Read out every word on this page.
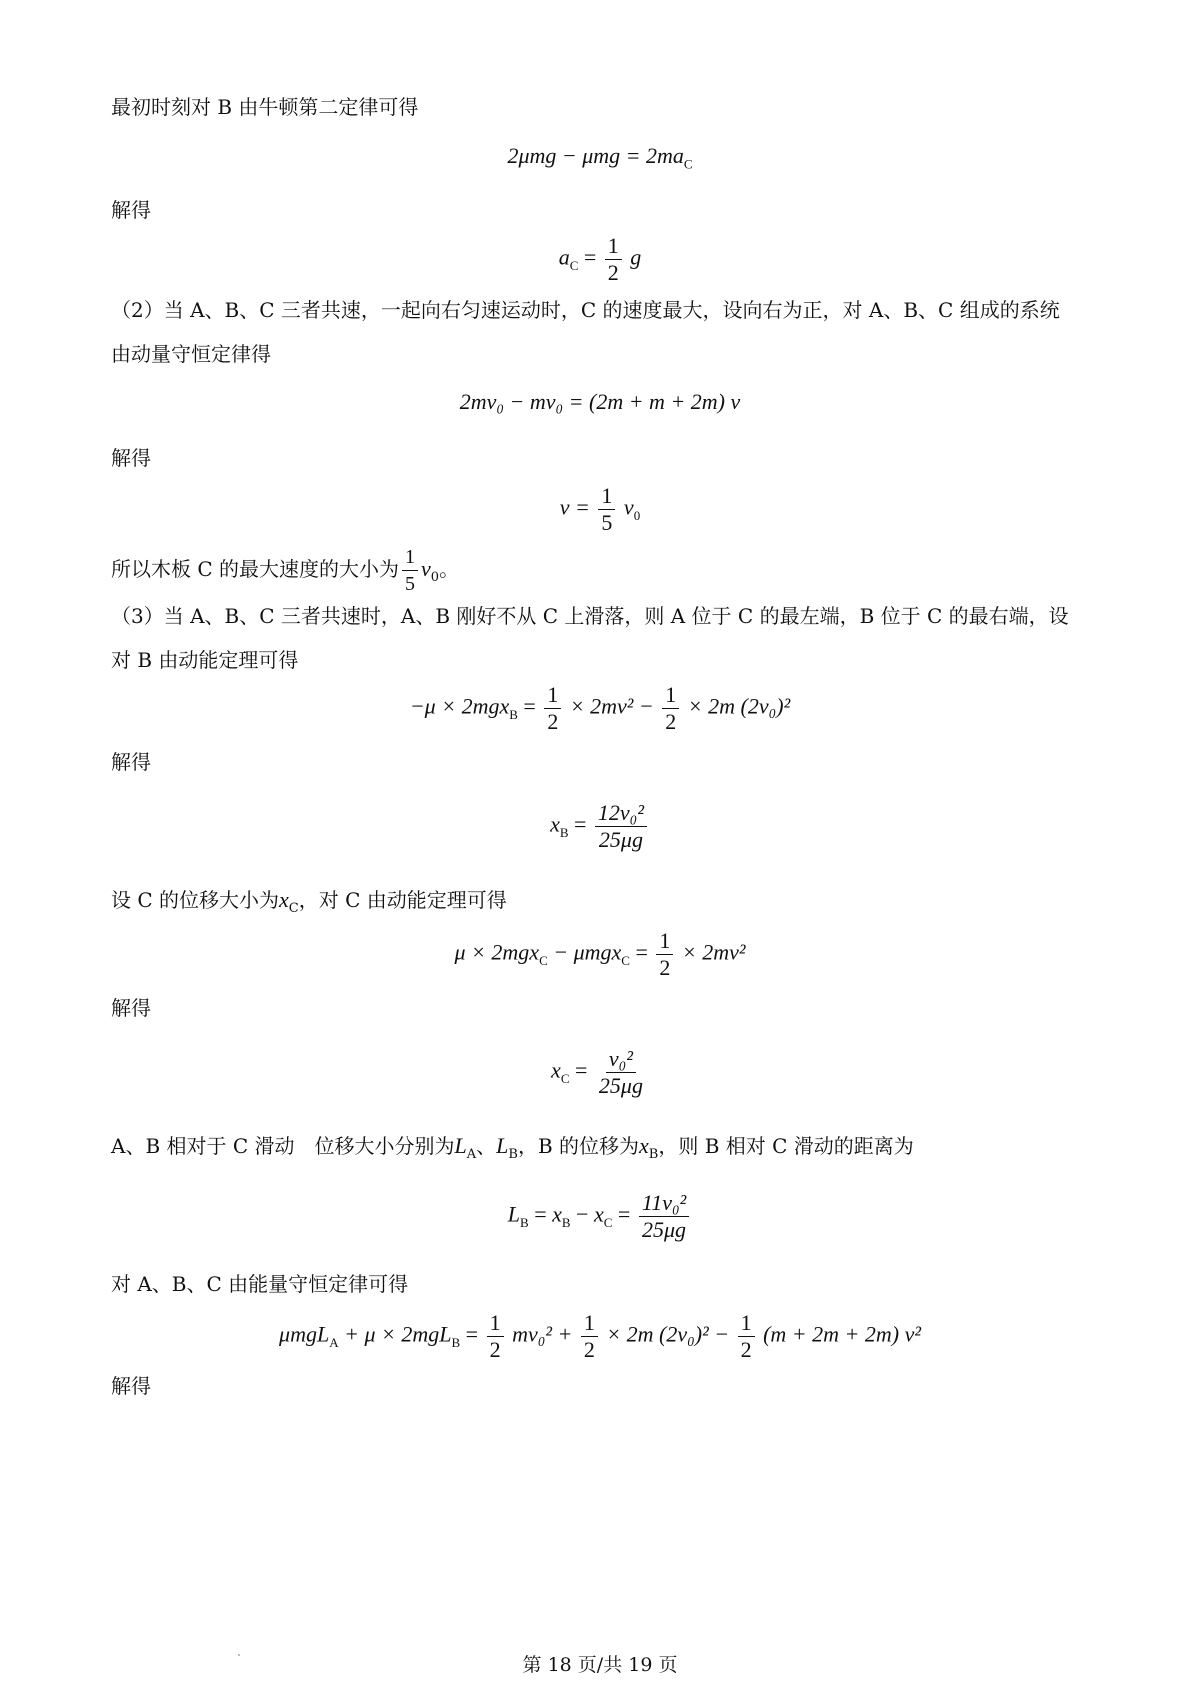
最初时刻对 B 由牛顿第二定律可得
$2\mu mg - \mu mg = 2ma_C$
解得
$a_C = \frac{1}{2}$ g
（2）当 A、B、C 三者共速，一起向右匀速运动时，C 的速度最大，设向右为正，对 A、B、C 组成的系统
由动量守恒定律得
2mv₀ − mv₀ = (2m + m + 2m) v
解得
$v = \frac{1}{5} v_0$
所以木板 C 的最大速度的大小为 $\frac{1}{5} v_0$。
（3）当 A、B、C 三者共速时，A、B 刚好不从 C 上滑落，则 A 位于 C 的最左端，B 位于 C 的最右端，设
对 B 由动能定理可得
$-\mu \times 2mgx_B = \frac{1}{2} \times 2mv^2 - \frac{1}{2} \times 2m$ (2v₀)²
解得
$x_B = \frac{\text{12v₀²}}{25\mu g}$
设 C 的位移大小为$x_C$，对 C 由动能定理可得
$\mu \times 2mgx_C - \mu mgx_C = \frac{1}{2} \times 2mv^2$
解得
$x_C = \frac{\text{v₀²}}{25\mu g}$
A、B 相对于 C 滑动　位移大小分别为$L_A$、$L_B$，B 的位移为$x_B$，则 B 相对 C 滑动的距离为
$L_B = x_B - x_C = \frac{\text{11v₀²}}{25\mu g}$
对 A、B、C 由能量守恒定律可得
$\mu mgL_A + \mu \times 2mgL_B = \frac{1}{2} mv_0^2 + \frac{1}{2} \times 2m$ $(2v_0)^2 - \frac{1}{2} (m + 2m + 2m)$ v²
解得
第 18 页/共 19 页
